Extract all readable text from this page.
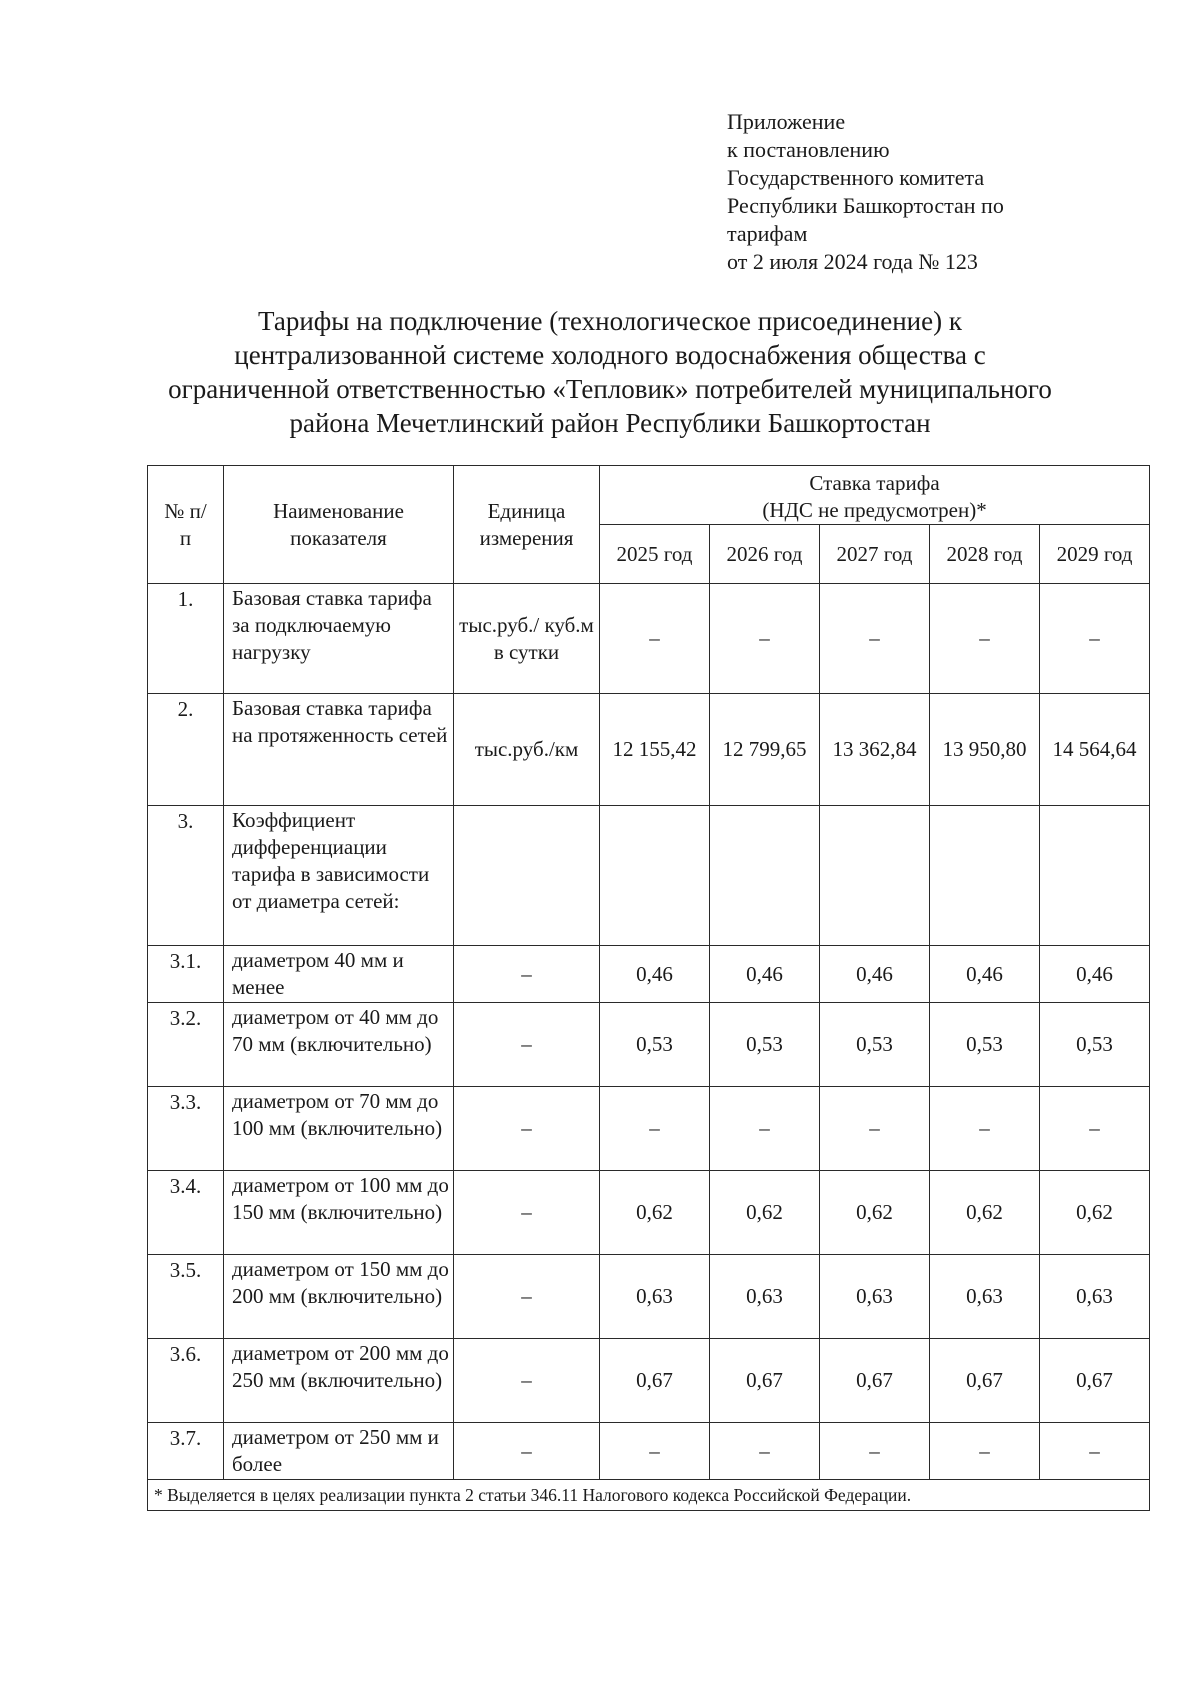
Приложение
к постановлению
Государственного комитета
Республики Башкортостан по
тарифам
от 2 июля 2024 года № 123
Тарифы на подключение (технологическое присоединение) к
централизованной системе холодного водоснабжения общества с
ограниченной ответственностью «Тепловик» потребителей муниципального
района Мечетлинский район Республики Башкортостан
№ п/п	Наименование показателя	Единица измерения	Ставка тарифа
(НДС не предусмотрен)*				

			2025 год	2026 год	2027 год	2028 год	2029 год
1.	Базовая ставка тарифа за подключаемую нагрузку	тыс.руб./ куб.м в сутки	–	–	–	–	–
2.	Базовая ставка тарифа на протяженность сетей	тыс.руб./км	12 155,42	12 799,65	13 362,84	13 950,80	14 564,64
3.	Коэффициент дифференциации тарифа в зависимости от диаметра сетей:						
3.1.	диаметром 40 мм и менее	–	0,46	0,46	0,46	0,46	0,46
3.2.	диаметром от 40 мм до 70 мм (включительно)	–	0,53	0,53	0,53	0,53	0,53
3.3.	диаметром от 70 мм до 100 мм (включительно)	–	–	–	–	–	–
3.4.	диаметром от 100 мм до 150 мм (включительно)	–	0,62	0,62	0,62	0,62	0,62
3.5.	диаметром от 150 мм до 200 мм (включительно)	–	0,63	0,63	0,63	0,63	0,63
3.6.	диаметром от 200 мм до 250 мм (включительно)	–	0,67	0,67	0,67	0,67	0,67
3.7.	диаметром от 250 мм и более	–	–	–	–	–	–
* Выделяется в целях реализации пункта 2 статьи 346.11 Налогового кодекса Российской Федерации.							
